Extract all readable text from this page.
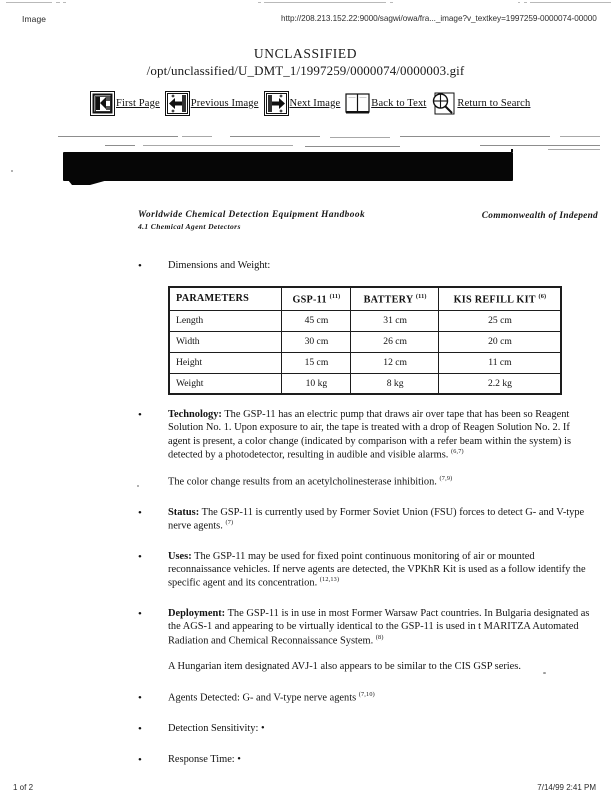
Image	http://208.213.152.22:9000/sagwi/owa/fra..._image?v_textkey=1997259-0000074-00000
UNCLASSIFIED
/opt/unclassified/U_DMT_1/1997259/0000074/0000003.gif
First Page	Previous Image	Next Image	Back to Text	Return to Search
Worldwide Chemical Detection Equipment Handbook
4.1 Chemical Agent Detectors
Commonwealth of Independ
•	Dimensions and Weight:
PARAMETERS	GSP-11 $^{(11)}$	BATTERY $^{(11)}$	KIS REFILL KIT $^{(6)}$
Length	45 cm	31 cm	25 cm
Width	30 cm	26 cm	20 cm
Height	15 cm	12 cm	11 cm
Weight	10 kg	8 kg	2.2 kg
•	Technology: The GSP-11 has an electric pump that draws air over tape that has been so Reagent Solution No. 1. Upon exposure to air, the tape is treated with a drop of Reagen Solution No. 2. If agent is present, a color change (indicated by comparison with a refer beam within the system) is detected by a photodetector, resulting in audible and visible alarms. $^{(6,7)}$
The color change results from an acetylcholinesterase inhibition. $^{(7,9)}$
•	Status: The GSP-11 is currently used by Former Soviet Union (FSU) forces to detect G- and V-type nerve agents. $^{(7)}$
•	Uses: The GSP-11 may be used for fixed point continuous monitoring of air or mounted reconnaissance vehicles. If nerve agents are detected, the VPKhR Kit is used as a follow identify the specific agent and its concentration. $^{(12,13)}$
•	Deployment: The GSP-11 is in use in most Former Warsaw Pact countries. In Bulgaria designated as the AGS-1 and appearing to be virtually identical to the GSP-11 is used in t MARITZA Automated Radiation and Chemical Reconnaissance System. $^{(8)}$
A Hungarian item designated AVJ-1 also appears to be similar to the CIS GSP series.
•	Agents Detected: G- and V-type nerve agents $^{(7,10)}$
•	Detection Sensitivity: •
•	Response Time: •
1 of 2	7/14/99 2:41 PM
